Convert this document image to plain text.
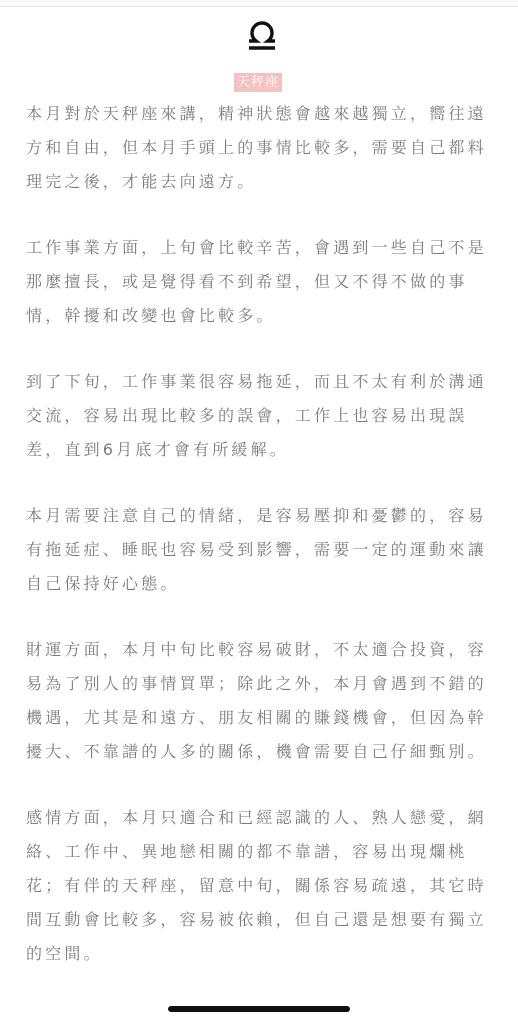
天秤座

本月對於天秤座來講，精神狀態會越來越獨立，嚮往遠方和自由，但本月手頭上的事情比較多，需要自己都料理完之後，才能去向遠方。

工作事業方面，上旬會比較辛苦，會遇到一些自己不是那麼擅長，或是覺得看不到希望，但又不得不做的事情，幹擾和改變也會比較多。

到了下旬，工作事業很容易拖延，而且不太有利於溝通交流，容易出現比較多的誤會，工作上也容易出現誤差，直到6月底才會有所緩解。

本月需要注意自己的情緒，是容易壓抑和憂鬱的，容易有拖延症、睡眠也容易受到影響，需要一定的運動來讓自己保持好心態。

財運方面，本月中旬比較容易破財，不太適合投資，容易為了別人的事情買單；除此之外，本月會遇到不錯的機遇，尤其是和遠方、朋友相關的賺錢機會，但因為幹擾大、不靠譜的人多的關係，機會需要自己仔細甄別。

感情方面，本月只適合和已經認識的人、熟人戀愛，網絡、工作中、異地戀相關的都不靠譜，容易出現爛桃花；有伴的天秤座，留意中旬，關係容易疏遠，其它時間互動會比較多，容易被依賴，但自己還是想要有獨立的空間。
